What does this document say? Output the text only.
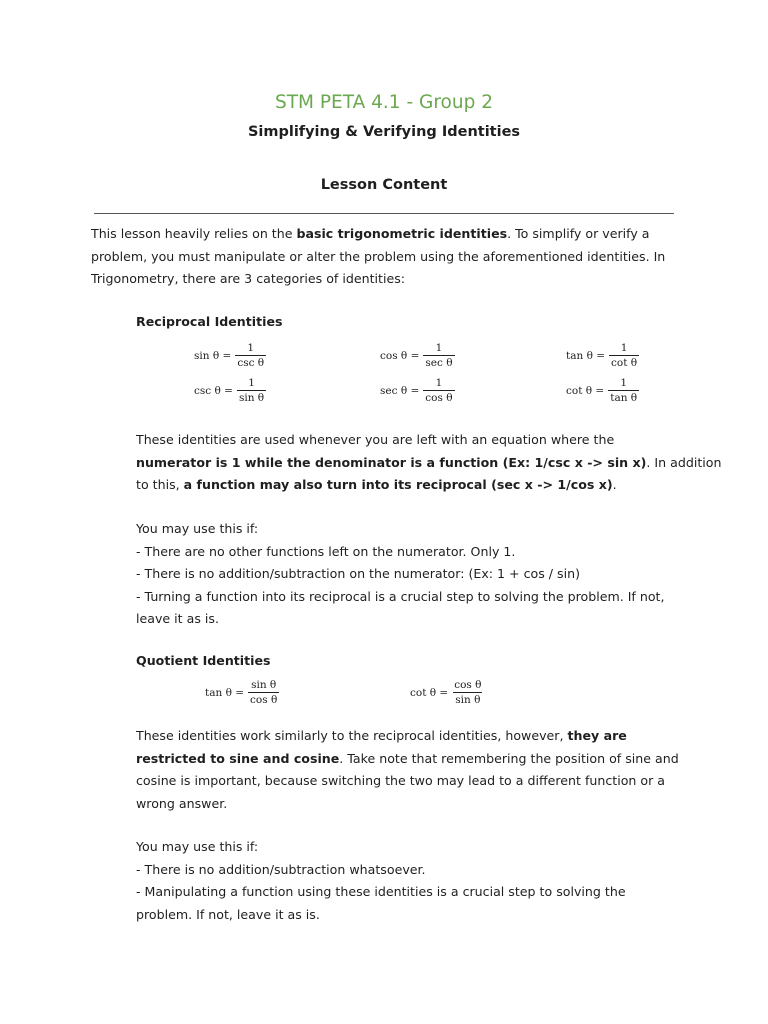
STM PETA 4.1 - Group 2
Simplifying & Verifying Identities
Lesson Content
This lesson heavily relies on the basic trigonometric identities. To simplify or verify a
problem, you must manipulate or alter the problem using the aforementioned identities. In
Trigonometry, there are 3 categories of identities:
Reciprocal Identities
$\sin \theta = \frac{1}{\text{csc θ}}$	$\cos \theta = \frac{1}{\text{sec θ}}$	$\tan \theta = \frac{1}{\text{cot θ}}$
$\csc \theta = \frac{1}{\text{sin θ}}$	$\sec \theta = \frac{1}{\text{cos θ}}$	$\cot \theta = \frac{1}{\text{tan θ}}$
These identities are used whenever you are left with an equation where the
numerator is 1 while the denominator is a function (Ex: 1/csc x -> sin x). In addition
to this, a function may also turn into its reciprocal (sec x -> 1/cos x).
You may use this if:
- There are no other functions left on the numerator. Only 1.
- There is no addition/subtraction on the numerator: (Ex: 1 + cos / sin)
- Turning a function into its reciprocal is a crucial step to solving the problem. If not,
leave it as is.
Quotient Identities
$\tan \theta = \frac{\text{sin θ}}{\text{cos θ}}$	$\cot \theta = \frac{\text{cos θ}}{\text{sin θ}}$
These identities work similarly to the reciprocal identities, however, they are
restricted to sine and cosine. Take note that remembering the position of sine and
cosine is important, because switching the two may lead to a different function or a
wrong answer.
You may use this if:
- There is no addition/subtraction whatsoever.
- Manipulating a function using these identities is a crucial step to solving the
problem. If not, leave it as is.
